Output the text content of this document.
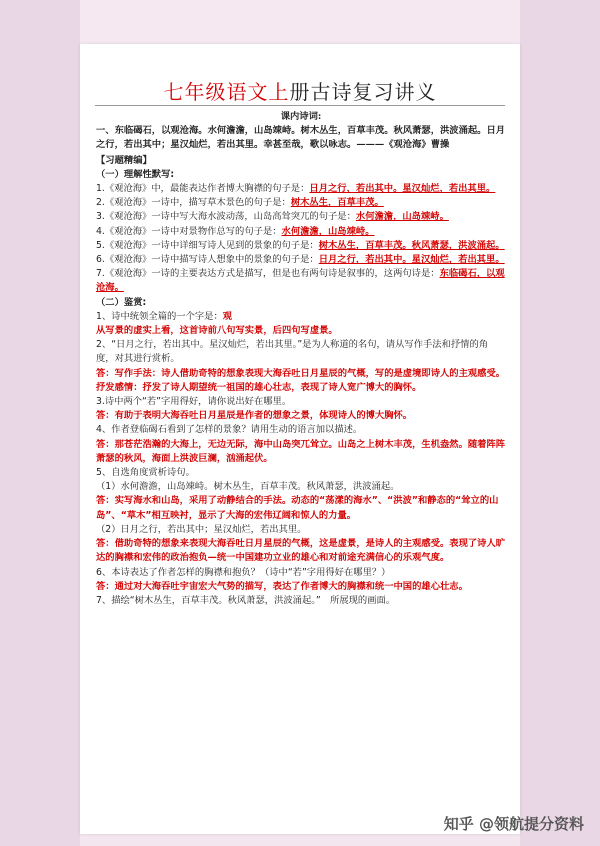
七年级语文上册古诗复习讲义

课内诗词:

一、东临碣石，以观沧海。水何澹澹，山岛竦峙。树木丛生，百草丰茂。秋风萧瑟，洪波涌起。日月之行，若出其中；星汉灿烂，若出其里。幸甚至哉，歌以咏志。———《观沧海》曹操

【习题精编】

（一）理解性默写:

1.《观沧海》中，最能表达作者博大胸襟的句子是：日月之行，若出其中。星汉灿烂，若出其里。

2.《观沧海》一诗中，描写草木景色的句子是：树木丛生，百草丰茂。

3.《观沧海》一诗中写大海水波动荡，山岛高耸突兀的句子是：水何澹澹，山岛竦峙。

4.《观沧海》一诗中对景物作总写的句子是：水何澹澹，山岛竦峙。

5.《观沧海》一诗中详细写诗人见到的景象的句子是：树木丛生，百草丰茂。秋风萧瑟，洪波涌起。

6.《观沧海》一诗中描写诗人想象中的景象的句子是：日月之行，若出其中。星汉灿烂，若出其里。

7.《观沧海》一诗的主要表达方式是描写，但是也有两句诗是叙事的，这两句诗是：东临碣石，以观沧海。

（二）鉴赏:

1、诗中统领全篇的一个字是：观

从写景的虚实上看，这首诗前八句写实景，后四句写虚景。

2、“日月之行，若出其中。星汉灿烂，若出其里。”是为人称道的名句，请从写作手法和抒情的角度，对其进行赏析。

答：写作手法：诗人借助奇特的想象表现大海吞吐日月星辰的气概，写的是虚境即诗人的主观感受。抒发感情：抒发了诗人期望统一祖国的雄心壮志，表现了诗人宽广博大的胸怀。

3.诗中两个“若”字用得好，请你说出好在哪里。

答：有助于表明大海吞吐日月星辰是作者的想象之景，体现诗人的博大胸怀。

4、作者登临碣石看到了怎样的景象？请用生动的语言加以描述。

答：那苍茫浩瀚的大海上，无边无际，海中山岛突兀耸立。山岛之上树木丰茂，生机盎然。随着阵阵萧瑟的秋风，海面上洪波巨澜，汹涌起伏。

5、自选角度赏析诗句。

（1）水何澹澹，山岛竦峙。树木丛生，百草丰茂。秋风萧瑟，洪波涌起。

答：实写海水和山岛，采用了动静结合的手法。动态的“荡漾的海水”、“洪波”和静态的“耸立的山岛”、“草木”相互映衬，显示了大海的宏伟辽阔和惊人的力量。

（2）日月之行，若出其中；星汉灿烂，若出其里。

答：借助奇特的想象来表现大海吞吐日月星辰的气概，这是虚景，是诗人的主观感受。表现了诗人旷达的胸襟和宏伟的政治抱负—统一中国建功立业的雄心和对前途充满信心的乐观气度。

6、本诗表达了作者怎样的胸襟和抱负？（诗中“若”字用得好在哪里？）

答：通过对大海吞吐宇宙宏大气势的描写，表达了作者博大的胸襟和统一中国的雄心壮志。

7、描绘“树木丛生，百草丰茂。秋风萧瑟，洪波涌起。”　所展现的画面。

知乎 @领航提分资料
